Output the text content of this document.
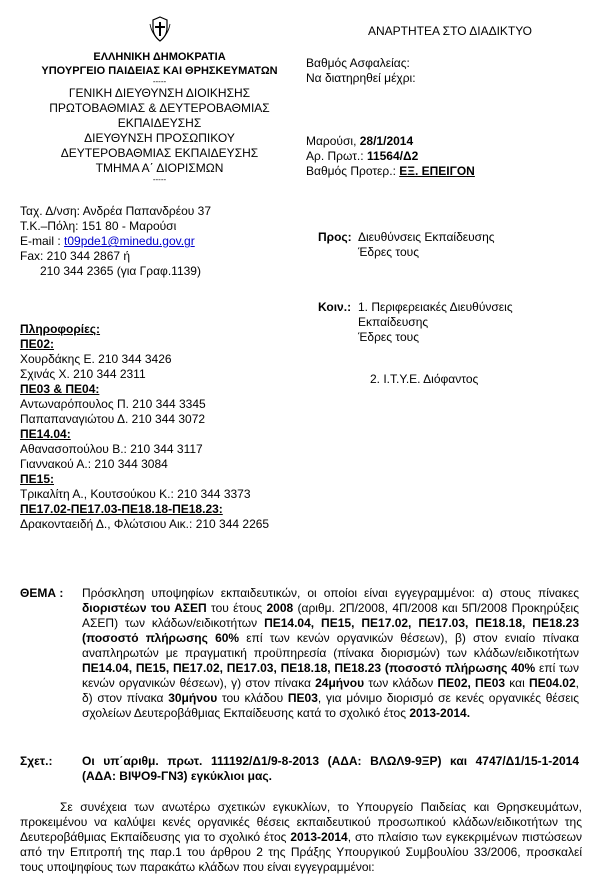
ΑΝΑΡΤΗΤΕΑ ΣΤΟ ΔΙΑΔΙΚΤΥΟ
ΕΛΛΗΝΙΚΗ ΔΗΜΟΚΡΑΤΙΑ
ΥΠΟΥΡΓΕΙΟ ΠΑΙΔΕΙΑΣ ΚΑΙ ΘΡΗΣΚΕΥΜΑΤΩΝ
-----
ΓΕΝΙΚΗ ΔΙΕΥΘΥΝΣΗ ΔΙΟΙΚΗΣΗΣ
ΠΡΩΤΟΒΑΘΜΙΑΣ & ΔΕΥΤΕΡΟΒΑΘΜΙΑΣ
ΕΚΠΑΙΔΕΥΣΗΣ
ΔΙΕΥΘΥΝΣΗ ΠΡΟΣΩΠΙΚΟΥ
ΔΕΥΤΕΡΟΒΑΘΜΙΑΣ ΕΚΠΑΙΔΕΥΣΗΣ
ΤΜΗΜΑ Α΄ ΔΙΟΡΙΣΜΩΝ
-----
Βαθμός Ασφαλείας:
Να διατηρηθεί μέχρι:
Μαρούσι, 28/1/2014
Αρ. Πρωτ.: 11564/Δ2
Βαθμός Προτερ.: ΕΞ. ΕΠΕΙΓΟΝ
Ταχ. Δ/νση: Ανδρέα Παπανδρέου 37
Τ.Κ.–Πόλη: 151 80 - Μαρούσι
E-mail : t09pde1@minedu.gov.gr
Fax: 210 344 2867 ή
210 344 2365 (για Γραφ.1139)
Προς: Διευθύνσεις Εκπαίδευσης
Έδρες τους
Κοιν.: 1. Περιφερειακές Διευθύνσεις
Εκπαίδευσης
Έδρες τους
2. Ι.Τ.Υ.Ε. Διόφαντος
Πληροφορίες:
ΠΕ02:
Χουρδάκης Ε. 210 344 3426
Σχινάς Χ. 210 344 2311
ΠΕ03 & ΠΕ04:
Αντωναρόπουλος Π. 210 344 3345
Παπαπαναγιώτου Δ. 210 344 3072
ΠΕ14.04:
Αθανασοπούλου Β.: 210 344 3117
Γιαννακού Α.: 210 344 3084
ΠΕ15:
Τρικαλίτη Α., Κουτσούκου Κ.: 210 344 3373
ΠΕ17.02-ΠΕ17.03-ΠΕ18.18-ΠΕ18.23:
Δρακονταειδή Δ., Φλώτσιου Αικ.: 210 344 2265
ΘΕΜΑ :	Πρόσκληση υποψηφίων εκπαιδευτικών, οι οποίοι είναι εγγεγραμμένοι: α) στους πίνακες διοριστέων του ΑΣΕΠ του έτους 2008 (αριθμ. 2Π/2008, 4Π/2008 και 5Π/2008 Προκηρύξεις ΑΣΕΠ) των κλάδων/ειδικοτήτων ΠΕ14.04, ΠΕ15, ΠΕ17.02, ΠΕ17.03, ΠΕ18.18, ΠΕ18.23 (ποσοστό πλήρωσης 60% επί των κενών οργανικών θέσεων), β) στον ενιαίο πίνακα αναπληρωτών με πραγματική προϋπηρεσία (πίνακα διορισμών) των κλάδων/ειδικοτήτων ΠΕ14.04, ΠΕ15, ΠΕ17.02, ΠΕ17.03, ΠΕ18.18, ΠΕ18.23 (ποσοστό πλήρωσης 40% επί των κενών οργανικών θέσεων), γ) στον πίνακα 24μήνου των κλάδων ΠΕ02, ΠΕ03 και ΠΕ04.02, δ) στον πίνακα 30μήνου του κλάδου ΠΕ03, για μόνιμο διορισμό σε κενές οργανικές θέσεις σχολείων Δευτεροβάθμιας Εκπαίδευσης κατά το σχολικό έτος 2013-2014.
Σχετ.:	Οι υπ΄αριθμ. πρωτ. 111192/Δ1/9-8-2013 (ΑΔΑ: ΒΛΩΛ9-9ΞΡ) και 4747/Δ1/15-1-2014 (ΑΔΑ: ΒΙΨΟ9-ΓΝ3) εγκύκλιοι μας.
Σε συνέχεια των ανωτέρω σχετικών εγκυκλίων, το Υπουργείο Παιδείας και Θρησκευμάτων, προκειμένου να καλύψει κενές οργανικές θέσεις εκπαιδευτικού προσωπικού κλάδων/ειδικοτήτων της Δευτεροβάθμιας Εκπαίδευσης για το σχολικό έτος 2013-2014, στο πλαίσιο των εγκεκριμένων πιστώσεων από την Επιτροπή της παρ.1 του άρθρου 2 της Πράξης Υπουργικού Συμβουλίου 33/2006, προσκαλεί τους υποψηφίους των παρακάτω κλάδων που είναι εγγεγραμμένοι:
